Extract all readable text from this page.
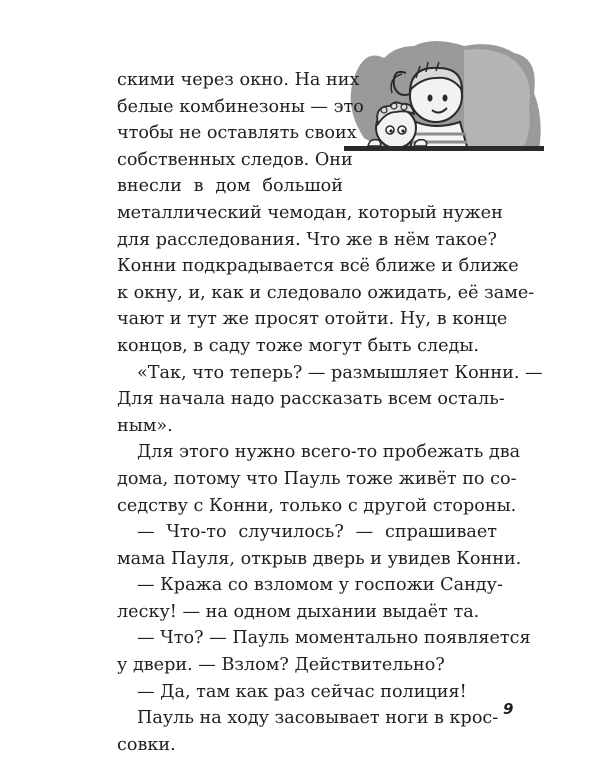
скими через окно. На них
белые комбинезоны — это
чтобы не оставлять своих
собственных следов. Они
внесли в дом большой
металлический чемодан, который нужен
для расследования. Что же в нём такое?
Конни подкрадывается всё ближе и ближе
к окну, и, как и следовало ожидать, её заме-
чают и тут же просят отойти. Ну, в конце
концов, в саду тоже могут быть следы.
«Так, что теперь? — размышляет Конни. —
Для начала надо рассказать всем осталь-
ным».
Для этого нужно всего-то пробежать два
дома, потому что Пауль тоже живёт по со-
седству с Конни, только с другой стороны.
— Что-то случилось? — спрашивает
мама Пауля, открыв дверь и увидев Конни.
— Кража со взломом у госпожи Санду-
леску! — на одном дыхании выдаёт та.
— Что? — Пауль моментально появляется
у двери. — Взлом? Действительно?
— Да, там как раз сейчас полиция!
Пауль на ходу засовывает ноги в крос-
совки.
9
